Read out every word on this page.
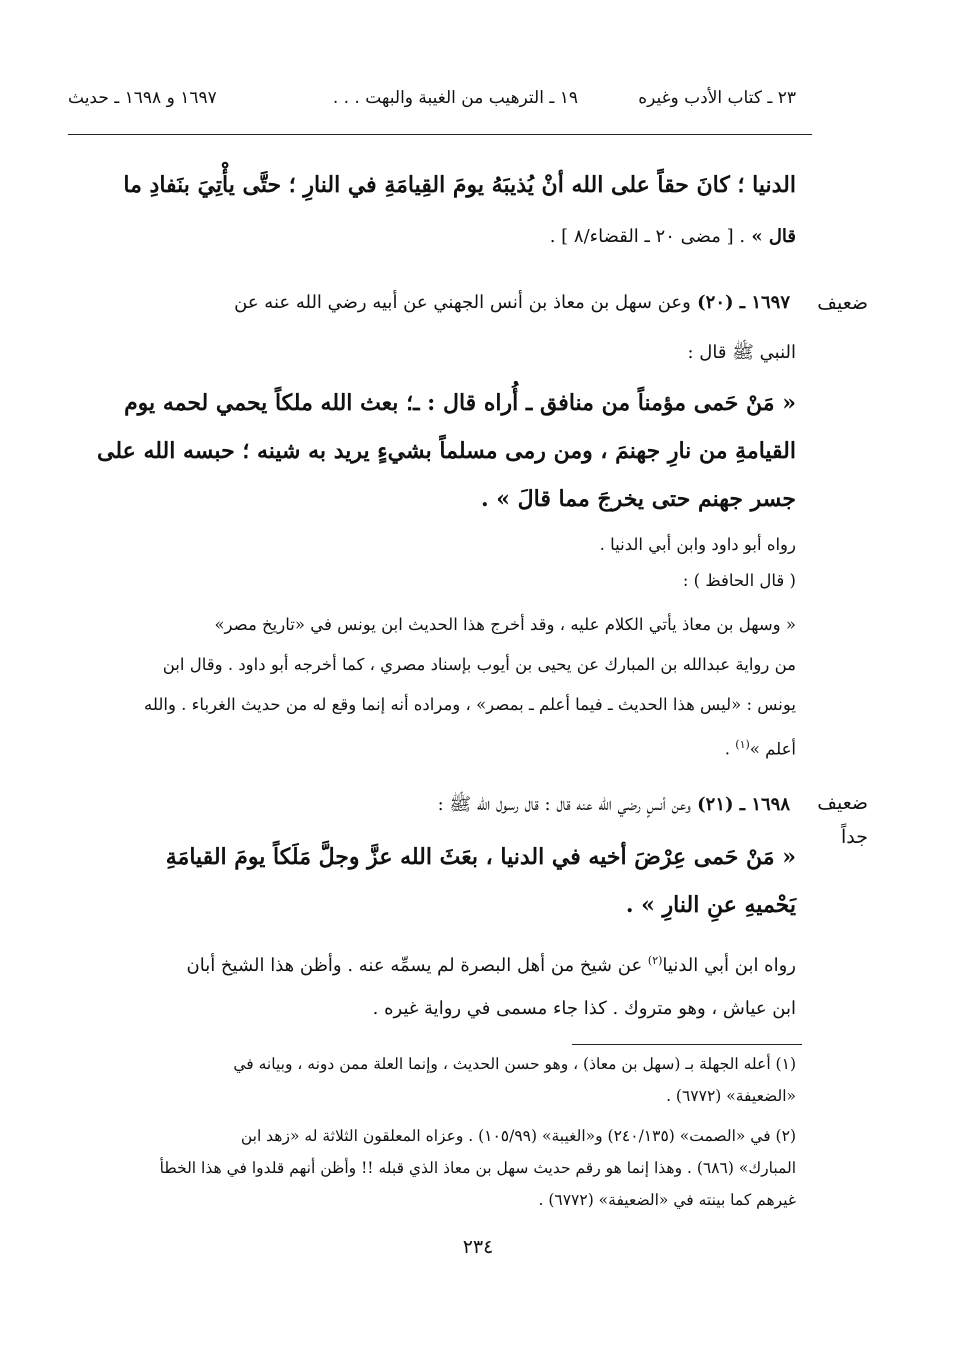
٢٣ ـ كتاب الأدب وغيره
١٩ ـ الترهيب من الغيبة والبهت . . .
١٦٩٧ و ١٦٩٨ ـ حديث
الدنيا ؛ كانَ حقاً على الله أنْ يُذيبَهُ يومَ القِيامَةِ في النارِ ؛ حتَّى يأْتِيَ بنَفادِ ما
قال » . [ مضى ٢٠ ـ القضاء/٨ ] .
ضعيف
١٦٩٧ ـ (٢٠) وعن سهل بن معاذ بن أنس الجهني عن أبيه رضي الله عنه عن
النبي ﷺ قال :
« مَنْ حَمى مؤمناً من منافق ـ أُراه قال : ـ؛ بعث الله ملكاً يحمي لحمه يوم
القيامةِ من نارِ جهنمَ ، ومن رمى مسلماً بشيءٍ يريد به شينه ؛ حبسه الله على
جسر جهنم حتى يخرجَ مما قالَ » .
رواه أبو داود وابن أبي الدنيا .
( قال الحافظ ) :
« وسهل بن معاذ يأتي الكلام عليه ، وقد أخرج هذا الحديث ابن يونس في «تاريخ مصر»
من رواية عبدالله بن المبارك عن يحيى بن أيوب بإسناد مصري ، كما أخرجه أبو داود . وقال ابن
يونس : «ليس هذا الحديث ـ فيما أعلم ـ بمصر» ، ومراده أنه إنما وقع له من حديث الغرباء . والله
أعلم »$^{(١)}$ .
ضعيف
جداً
١٦٩٨ ـ (٢١) وعن أنسٍ رضي الله عنه قال : قال رسول الله ﷺ :
« مَنْ حَمى عِرْضَ أخيه في الدنيا ، بعَثَ الله عزَّ وجلَّ مَلَكاً يومَ القيامَةِ
يَحْميهِ عنِ النارِ » .
رواه ابن أبي الدنيا$^{(٢)}$ عن شيخ من أهل البصرة لم يسمِّه عنه . وأظن هذا الشيخ أبان
ابن عياش ، وهو متروك . كذا جاء مسمى في رواية غيره .
(١) أعله الجهلة بـ (سهل بن معاذ) ، وهو حسن الحديث ، وإنما العلة ممن دونه ، وبيانه في
«الضعيفة» (٦٧٧٢) .
(٢) في «الصمت» (٢٤٠/١٣٥) و«الغيبة» (١٠٥/٩٩) . وعزاه المعلقون الثلاثة له «زهد ابن
المبارك» (٦٨٦) . وهذا إنما هو رقم حديث سهل بن معاذ الذي قبله !! وأظن أنهم قلدوا في هذا الخطأ
غيرهم كما بينته في «الضعيفة» (٦٧٧٢) .
٢٣٤
